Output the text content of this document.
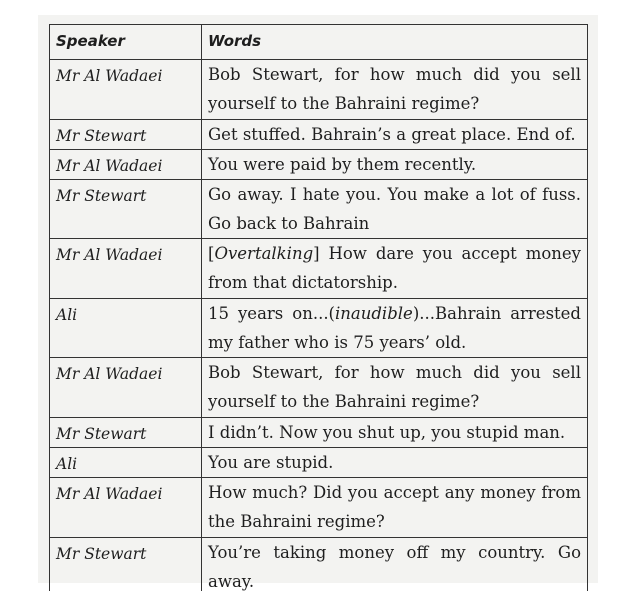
Speaker	Words
Mr Al Wadaei	Bob Stewart, for how much did you sell yourself to the Bahraini regime?
Mr Stewart	Get stuffed. Bahrain’s a great place. End of.
Mr Al Wadaei	You were paid by them recently.
Mr Stewart	Go away. I hate you. You make a lot of fuss. Go back to Bahrain
Mr Al Wadaei	[Overtalking] How dare you accept money from that dictatorship.
Ali	15 years on...(inaudible)...Bahrain arrested my father who is 75 years’ old.
Mr Al Wadaei	Bob Stewart, for how much did you sell yourself to the Bahraini regime?
Mr Stewart	I didn’t. Now you shut up, you stupid man.
Ali	You are stupid.
Mr Al Wadaei	How much? Did you accept any money from the Bahraini regime?
Mr Stewart	You’re taking money off my country. Go away.
